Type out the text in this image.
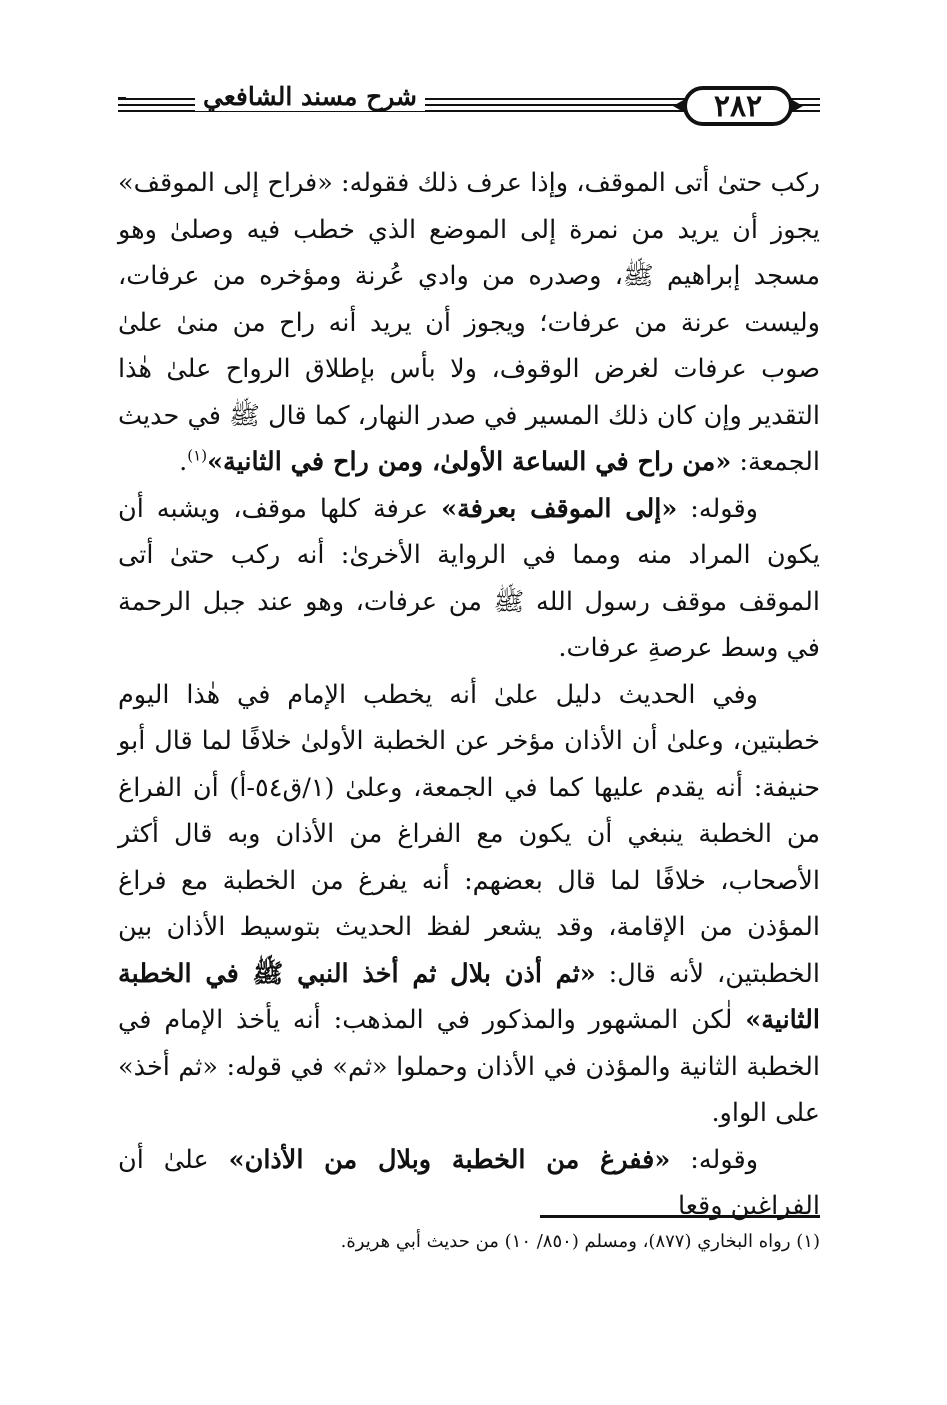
٢٨٢
شرح مسند الشافعي

ركب حتىٰ أتى الموقف، وإذا عرف ذلك فقوله: «فراح إلى الموقف» يجوز أن يريد من نمرة إلى الموضع الذي خطب فيه وصلىٰ وهو مسجد إبراهيم ﷺ، وصدره من وادي عُرنة ومؤخره من عرفات، وليست عرنة من عرفات؛ ويجوز أن يريد أنه راح من منىٰ علىٰ صوب عرفات لغرض الوقوف، ولا بأس بإطلاق الرواح علىٰ هٰذا التقدير وإن كان ذلك المسير في صدر النهار، كما قال ﷺ في حديث الجمعة: «من راح في الساعة الأولىٰ، ومن راح في الثانية»$^{(١)}$.

وقوله: «إلى الموقف بعرفة» عرفة كلها موقف، ويشبه أن يكون المراد منه ومما في الرواية الأخرىٰ: أنه ركب حتىٰ أتى الموقف موقف رسول الله ﷺ من عرفات، وهو عند جبل الرحمة في وسط عرصةِ عرفات.

وفي الحديث دليل علىٰ أنه يخطب الإمام في هٰذا اليوم خطبتين، وعلىٰ أن الأذان مؤخر عن الخطبة الأولىٰ خلافًا لما قال أبو حنيفة: أنه يقدم عليها كما في الجمعة، وعلىٰ (١/ق٥٤-أ) أن الفراغ من الخطبة ينبغي أن يكون مع الفراغ من الأذان وبه قال أكثر الأصحاب، خلافًا لما قال بعضهم: أنه يفرغ من الخطبة مع فراغ المؤذن من الإقامة، وقد يشعر لفظ الحديث بتوسيط الأذان بين الخطبتين، لأنه قال: «ثم أذن بلال ثم أخذ النبي ﷺ في الخطبة الثانية» لٰكن المشهور والمذكور في المذهب: أنه يأخذ الإمام في الخطبة الثانية والمؤذن في الأذان وحملوا «ثم» في قوله: «ثم أخذ» على الواو.

وقوله: «ففرغ من الخطبة وبلال من الأذان» علىٰ أن الفراغين وقعا

(١) رواه البخاري (٨٧٧)، ومسلم (٨٥٠/ ١٠) من حديث أبي هريرة.
